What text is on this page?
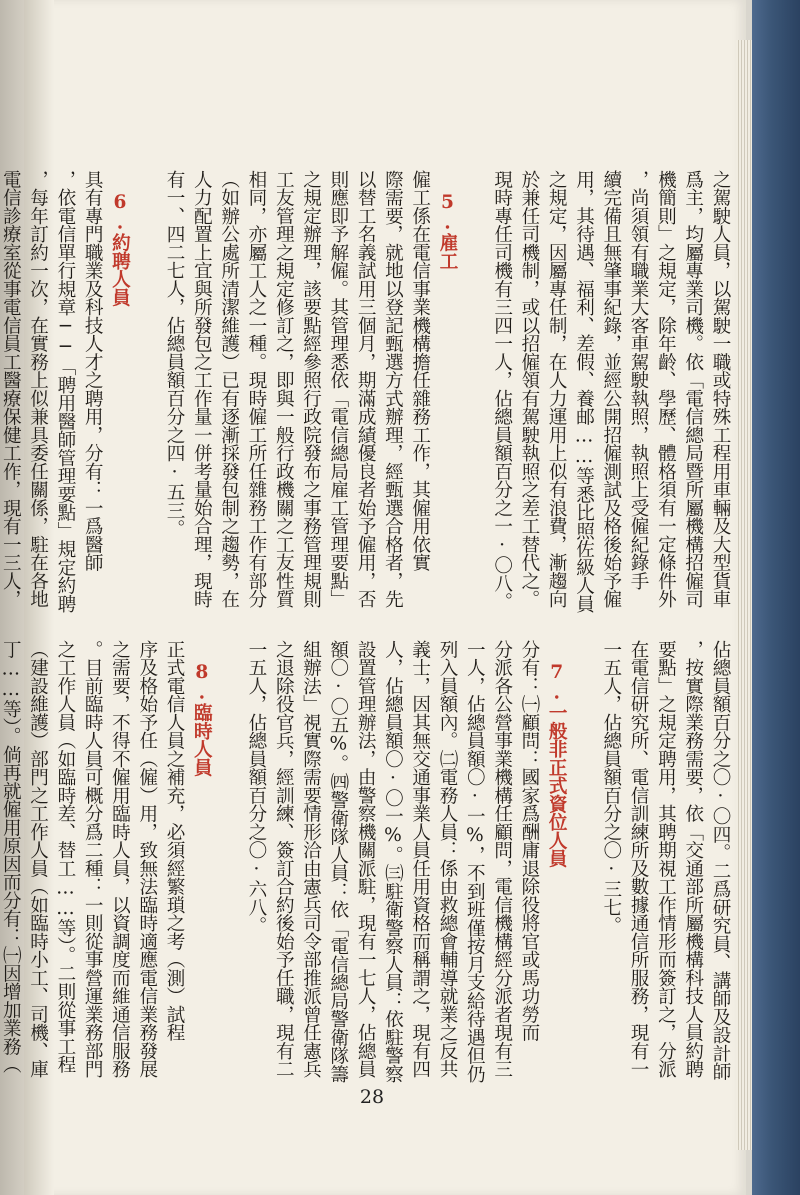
之駕駛人員，以駕駛一職或特殊工程用車輛及大型貨車

爲主，均屬專業司機。依「電信總局暨所屬機構招僱司

機簡則」之規定，除年齡、學歷、體格須有一定條件外

，尚須領有職業大客車駕駛執照，執照上受僱紀錄手

續完備且無肇事紀錄，並經公開招僱測試及格後始予僱

用，其待遇、福利、差假、養邮……等悉比照佐級人員

之規定，因屬專任制，在人力運用上似有浪費，漸趨向

於兼任司機制，或以招僱領有駕駛執照之差工替代之。

現時專任司機有三四一人，佔總員額百分之一·〇八。

5.雇工

僱工係在電信事業機構擔任雜務工作，其僱用依實

際需要，就地以登記甄選方式辦理，經甄選合格者，先

以替工名義試用三個月，期滿成績優良者始予僱用，否

則應即予解僱。其管理悉依「電信總局雇工管理要點」

之規定辦理，該要點經參照行政院發布之事務管理規則

工友管理之規定修訂之，即與一般行政機關之工友性質

相同，亦屬工人之一種。現時僱工所任雜務工作有部分

（如辦公處所清潔維護）已有逐漸採發包制之趨勢，在

人力配置上宜與所發包之工作量一併考量始合理，現時

有一、四二七人，佔總員額百分之四·五三。

6.約聘人員

具有專門職業及科技人才之聘用，分有：一爲醫師

，依電信單行規章──「聘用醫師管理要點」規定約聘

，每年訂約一次，在實務上似兼具委任關係，駐在各地

電信診療室從事電信員工醫療保健工作，現有一三人，

佔總員額百分之〇·〇四。二爲研究員、講師及設計師

，按實際業務需要，依「交通部所屬機構科技人員約聘

要點」之規定聘用，其聘期視工作情形而簽訂之，分派

在電信研究所、電信訓練所及數據通信所服務，現有一

一五人，佔總員額百分之〇·三七。

7.一般非正式資位人員

分有：㈠顧問：國家爲酬庸退除役將官或馬功勞而

分派各公營事業機構任顧問，電信機構經分派者現有三

一人，佔總員額〇·一%，不到班僅按月支給待遇但仍

列入員額內。㈡電務人員：係由救總會輔導就業之反共

義士，因其無交通事業人員任用資格而稱謂之，現有四

人，佔總員額〇·〇一%。㈢駐衛警察人員：依駐警察

設置管理辦法，由警察機關派駐，現有一七人，佔總員

額〇·〇五%。㈣警衛隊人員：依「電信總局警衛隊籌

組辦法」視實際需要情形洽由憲兵司令部推派曾任憲兵

之退除役官兵，經訓練、簽訂合約後始予任職，現有二

一五人，佔總員額百分之〇·六八。

8.臨時人員

正式電信人員之補充，必須經繁瑣之考（測）試程

序及格始予任（僱）用，致無法臨時適應電信業務發展

之需要，不得不僱用臨時人員，以資調度而維通信服務

。目前臨時人員可概分爲二種：一則從事營運業務部門

之工作人員（如臨時差、替工……等）。二則從事工程

（建設維護）部門之工作人員（如臨時小工、司機、庫

丁……等）。倘再就僱用原因而分有：㈠因增加業務（

28
